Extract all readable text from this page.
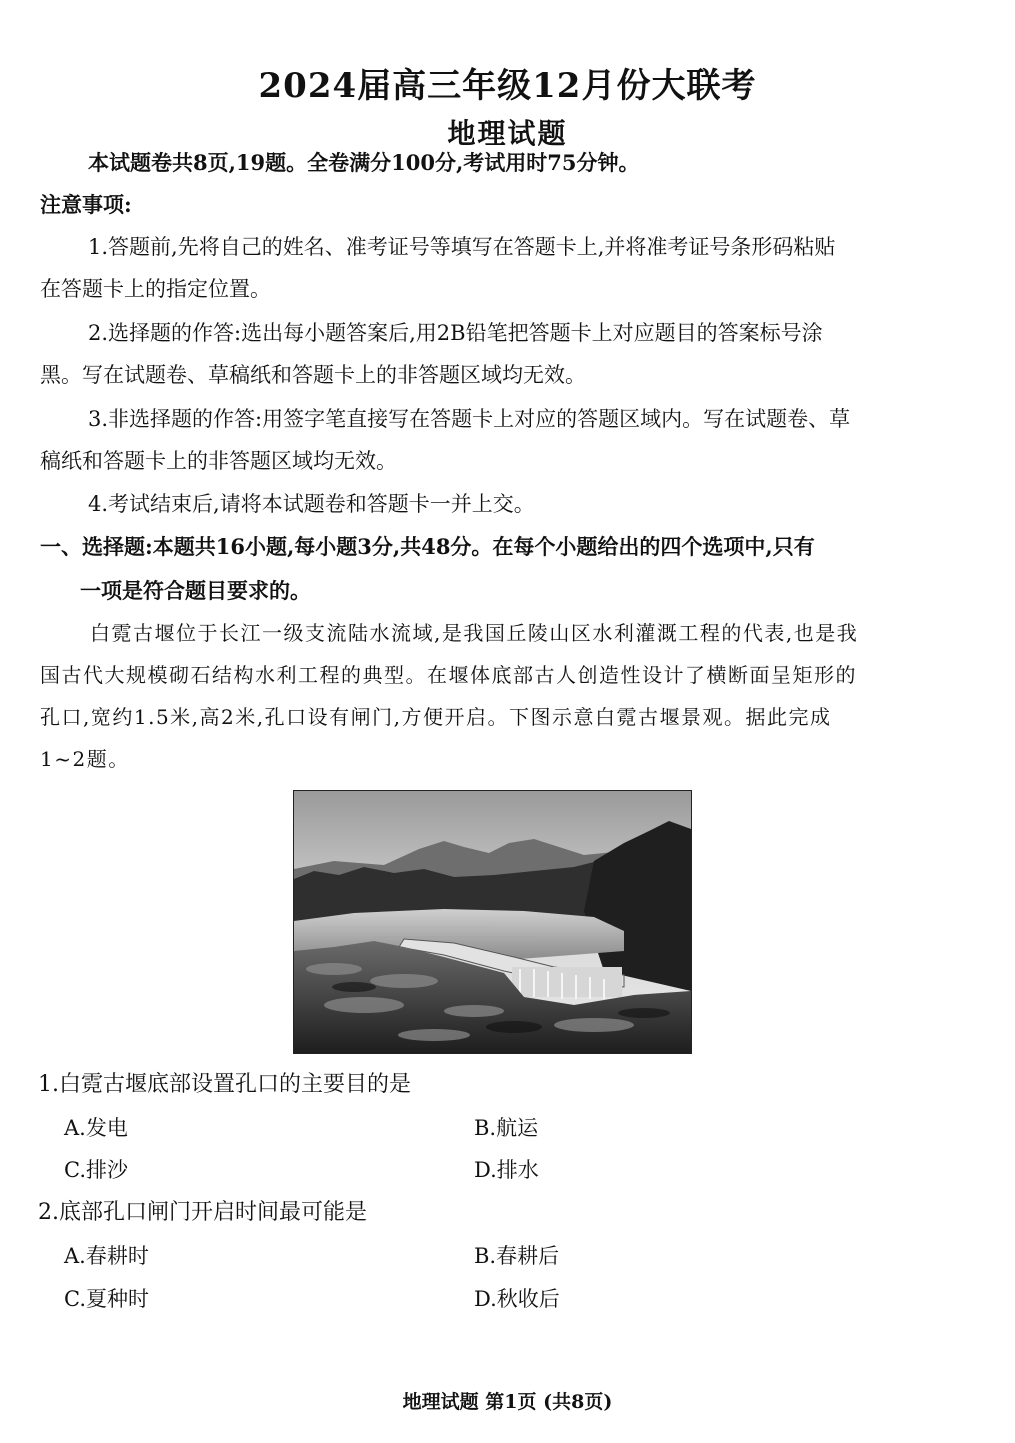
2024届高三年级12月份大联考
地理试题
本试题卷共8页,19题。全卷满分100分,考试用时75分钟。
注意事项:
1.答题前,先将自己的姓名、准考证号等填写在答题卡上,并将准考证号条形码粘贴
在答题卡上的指定位置。
2.选择题的作答:选出每小题答案后,用2B铅笔把答题卡上对应题目的答案标号涂
黑。写在试题卷、草稿纸和答题卡上的非答题区域均无效。
3.非选择题的作答:用签字笔直接写在答题卡上对应的答题区域内。写在试题卷、草
稿纸和答题卡上的非答题区域均无效。
4.考试结束后,请将本试题卷和答题卡一并上交。
一、选择题:本题共16小题,每小题3分,共48分。在每个小题给出的四个选项中,只有
一项是符合题目要求的。
白霓古堰位于长江一级支流陆水流域,是我国丘陵山区水利灌溉工程的代表,也是我
国古代大规模砌石结构水利工程的典型。在堰体底部古人创造性设计了横断面呈矩形的
孔口,宽约1.5米,高2米,孔口设有闸门,方便开启。下图示意白霓古堰景观。据此完成
1~2题。
1.白霓古堰底部设置孔口的主要目的是
A.发电	B.航运
C.排沙	D.排水
2.底部孔口闸门开启时间最可能是
A.春耕时	B.春耕后
C.夏种时	D.秋收后
地理试题 第1页 (共8页)
